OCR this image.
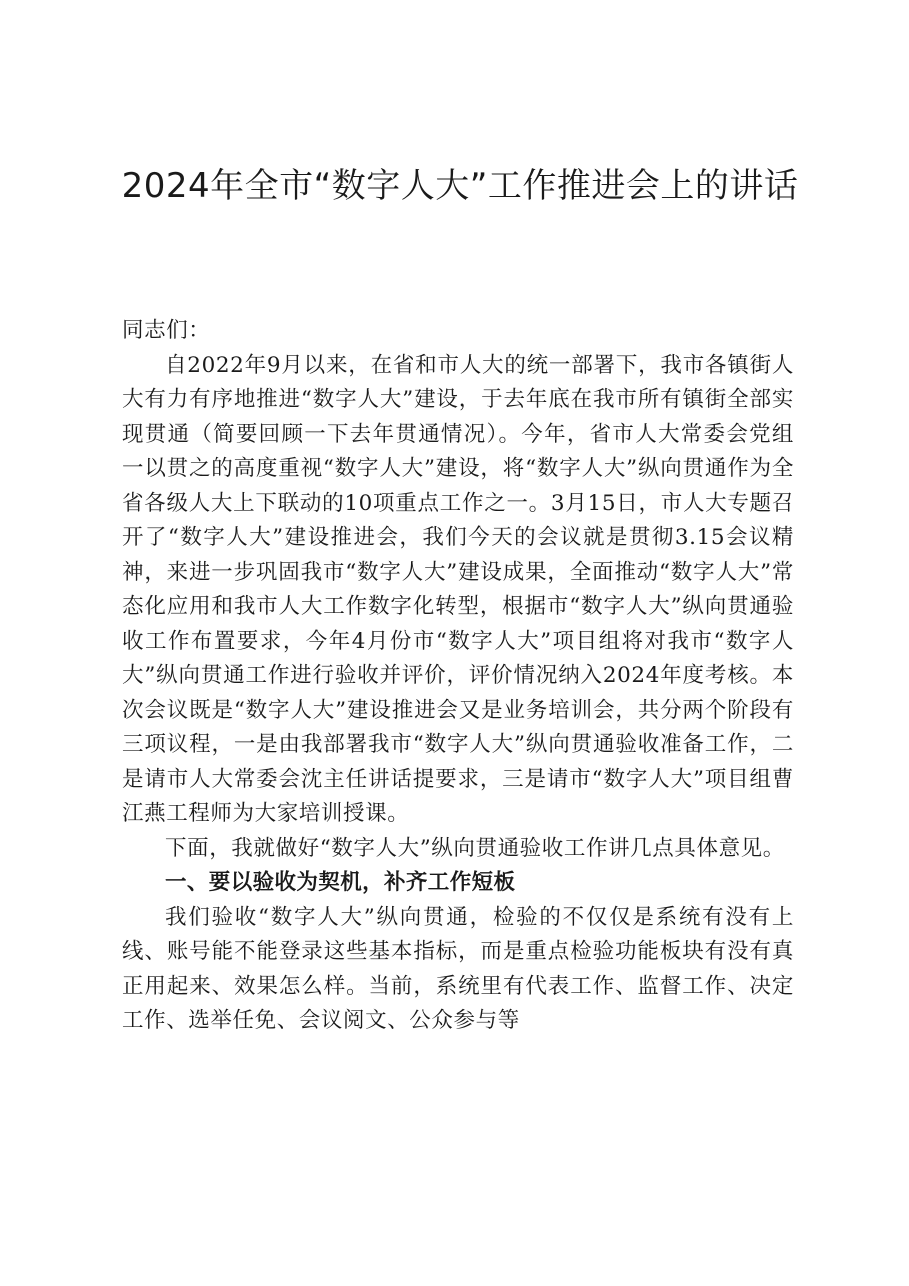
2024年全市“数字人大”工作推进会上的讲话

同志们：

自2022年9月以来，在省和市人大的统一部署下，我市各镇街人大有力有序地推进“数字人大”建设，于去年底在我市所有镇街全部实现贯通（简要回顾一下去年贯通情况）。今年，省市人大常委会党组一以贯之的高度重视“数字人大”建设，将“数字人大”纵向贯通作为全省各级人大上下联动的10项重点工作之一。3月15日，市人大专题召开了“数字人大”建设推进会，我们今天的会议就是贯彻3.15会议精神，来进一步巩固我市“数字人大”建设成果，全面推动“数字人大”常态化应用和我市人大工作数字化转型，根据市“数字人大”纵向贯通验收工作布置要求，今年4月份市“数字人大”项目组将对我市“数字人大”纵向贯通工作进行验收并评价，评价情况纳入2024年度考核。本次会议既是“数字人大”建设推进会又是业务培训会，共分两个阶段有三项议程，一是由我部署我市“数字人大”纵向贯通验收准备工作，二是请市人大常委会沈主任讲话提要求，三是请市“数字人大”项目组曹江燕工程师为大家培训授课。

下面，我就做好“数字人大”纵向贯通验收工作讲几点具体意见。

一、要以验收为契机，补齐工作短板

我们验收“数字人大”纵向贯通，检验的不仅仅是系统有没有上线、账号能不能登录这些基本指标，而是重点检验功能板块有没有真正用起来、效果怎么样。当前，系统里有代表工作、监督工作、决定工作、选举任免、会议阅文、公众参与等
